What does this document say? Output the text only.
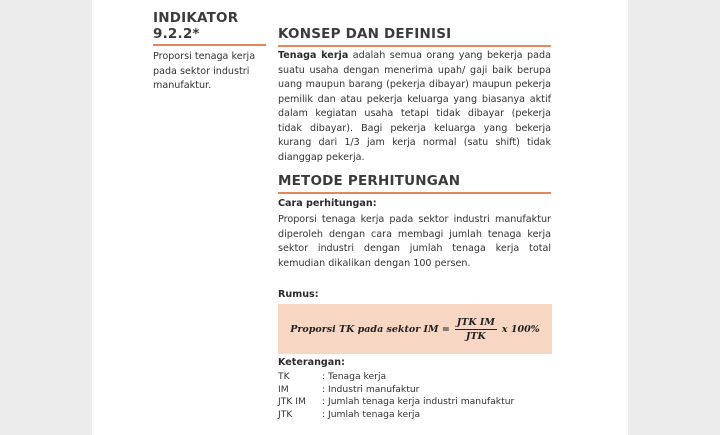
INDIKATOR
9.2.2*
Proporsi tenaga kerja pada sektor industri manufaktur.
KONSEP DAN DEFINISI
Tenaga kerja adalah semua orang yang bekerja pada suatu usaha dengan menerima upah/ gaji baik berupa uang maupun barang (pekerja dibayar) maupun pekerja pemilik dan atau pekerja keluarga yang biasanya aktif dalam kegiatan usaha tetapi tidak dibayar (pekerja tidak dibayar). Bagi pekerja keluarga yang bekerja kurang dari 1/3 jam kerja normal (satu shift) tidak dianggap pekerja.
METODE PERHITUNGAN
Cara perhitungan:
Proporsi tenaga kerja pada sektor industri manufaktur diperoleh dengan cara membagi jumlah tenaga kerja sektor industri dengan jumlah tenaga kerja total kemudian dikalikan dengan 100 persen.
Rumus:
Proporsi TK pada sektor IM = $\frac{\text{JTK IM}}{\text{JTK}}$ x 100%
Keterangan:
TK	: Tenaga kerja
IM	: Industri manufaktur
JTK IM	: Jumlah tenaga kerja industri manufaktur
JTK	: Jumlah tenaga kerja
